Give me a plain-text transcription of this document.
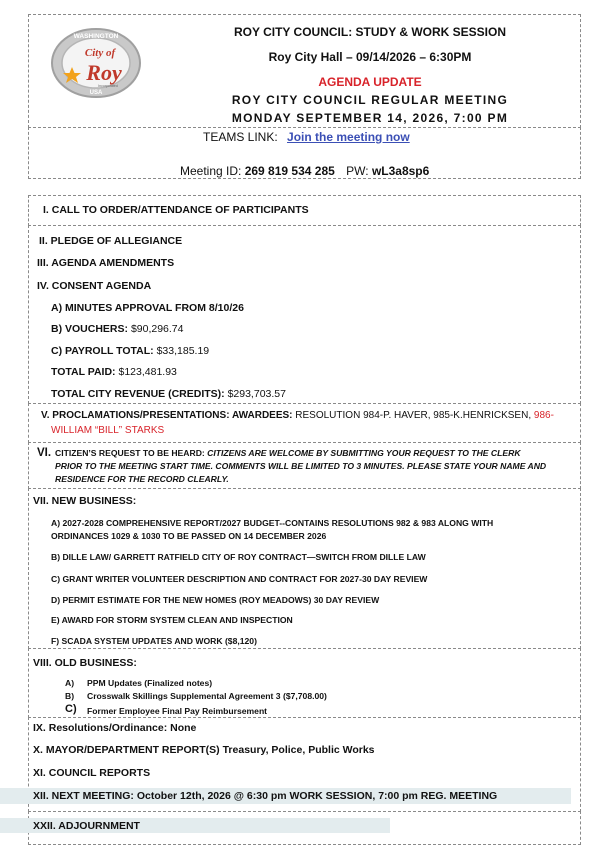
WASHINGTON
USA
City of
Roy
Incorporated
ROY CITY COUNCIL: STUDY & WORK SESSION
Roy City Hall – 09/14/2026 – 6:30PM
AGENDA UPDATE
ROY CITY COUNCIL REGULAR MEETING
MONDAY SEPTEMBER 14, 2026, 7:00 PM
TEAMS LINK: Join the meeting now
Meeting ID: 269 819 534 285 PW: wL3a8sp6
I. CALL TO ORDER/ATTENDANCE OF PARTICIPANTS
II. PLEDGE OF ALLEGIANCE
III. AGENDA AMENDMENTS
IV. CONSENT AGENDA
A) MINUTES APPROVAL FROM 8/10/26
B) VOUCHERS: $90,296.74
C) PAYROLL TOTAL: $33,185.19
TOTAL PAID: $123,481.93
TOTAL CITY REVENUE (CREDITS): $293,703.57
V. PROCLAMATIONS/PRESENTATIONS: AWARDEES: RESOLUTION 984-P. HAVER, 985-K.HENRICKSEN, 986-
WILLIAM “BILL” STARKS
VI. CITIZEN’S REQUEST TO BE HEARD: CITIZENS ARE WELCOME BY SUBMITTING YOUR REQUEST TO THE CLERK
PRIOR TO THE MEETING START TIME. COMMENTS WILL BE LIMITED TO 3 MINUTES. PLEASE STATE YOUR NAME AND
RESIDENCE FOR THE RECORD CLEARLY.
VII. NEW BUSINESS:
A) 2027-2028 COMPREHENSIVE REPORT/2027 BUDGET--CONTAINS RESOLUTIONS 982 & 983 ALONG WITH
ORDINANCES 1029 & 1030 TO BE PASSED ON 14 DECEMBER 2026
B) DILLE LAW/ GARRETT RATFIELD CITY OF ROY CONTRACT—SWITCH FROM DILLE LAW
C) GRANT WRITER VOLUNTEER DESCRIPTION AND CONTRACT FOR 2027-30 DAY REVIEW
D) PERMIT ESTIMATE FOR THE NEW HOMES (ROY MEADOWS) 30 DAY REVIEW
E) AWARD FOR STORM SYSTEM CLEAN AND INSPECTION
F) SCADA SYSTEM UPDATES AND WORK ($8,120)
VIII. OLD BUSINESS:
A) PPM Updates (Finalized notes)
B) Crosswalk Skillings Supplemental Agreement 3 ($7,708.00)
C) Former Employee Final Pay Reimbursement
IX. Resolutions/Ordinance: None
X. MAYOR/DEPARTMENT REPORT(S) Treasury, Police, Public Works
XI. COUNCIL REPORTS
XII. NEXT MEETING: October 12th, 2026 @ 6:30 pm WORK SESSION, 7:00 pm REG. MEETING
XXII. ADJOURNMENT
